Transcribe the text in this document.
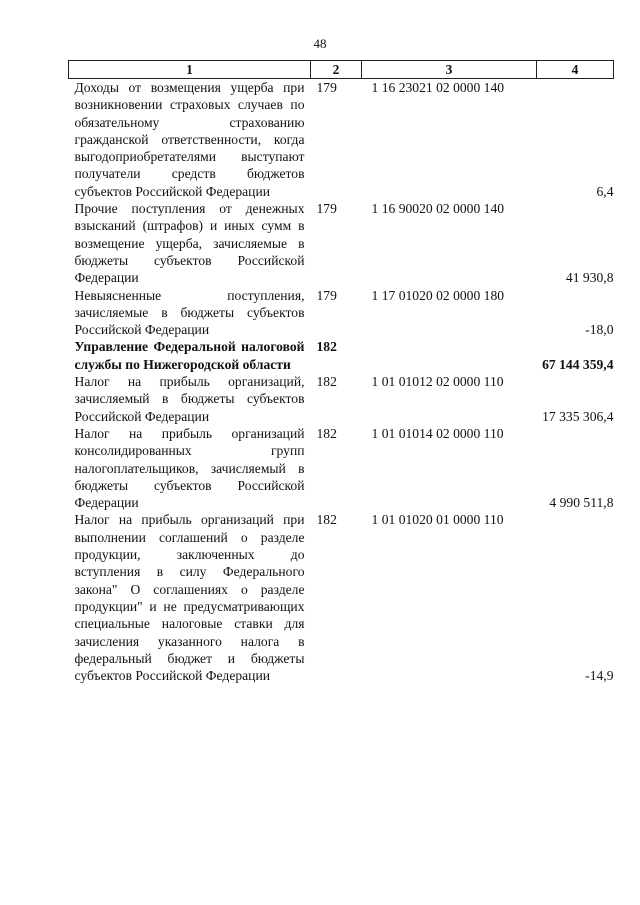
48
1	2	3	4
Доходы от возмещения ущерба при возникновении страховых случаев по обязательному страхованию гражданской ответственности, когда выгодоприобретателями выступают получатели средств бюджетов субъектов Российской Федерации	179	1 16 23021 02 0000 140	6,4
Прочие поступления от денежных взысканий (штрафов) и иных сумм в возмещение ущерба, зачисляемые в бюджеты субъектов Российской Федерации	179	1 16 90020 02 0000 140	41 930,8
Невыясненные поступления, зачисляемые в бюджеты субъектов Российской Федерации	179	1 17 01020 02 0000 180	-18,0
Управление Федеральной налоговой службы по Нижегородской области	182		67 144 359,4
Налог на прибыль организаций, зачисляемый в бюджеты субъектов Российской Федерации	182	1 01 01012 02 0000 110	17 335 306,4
Налог на прибыль организаций консолидированных групп налогоплательщиков, зачисляемый в бюджеты субъектов Российской Федерации	182	1 01 01014 02 0000 110	4 990 511,8
Налог на прибыль организаций при выполнении соглашений о разделе продукции, заключенных до вступления в силу Федерального закона" О соглашениях о разделе продукции" и не предусматривающих специальные налоговые ставки для зачисления указанного налога в федеральный бюджет и бюджеты субъектов Российской Федерации	182	1 01 01020 01 0000 110	-14,9
